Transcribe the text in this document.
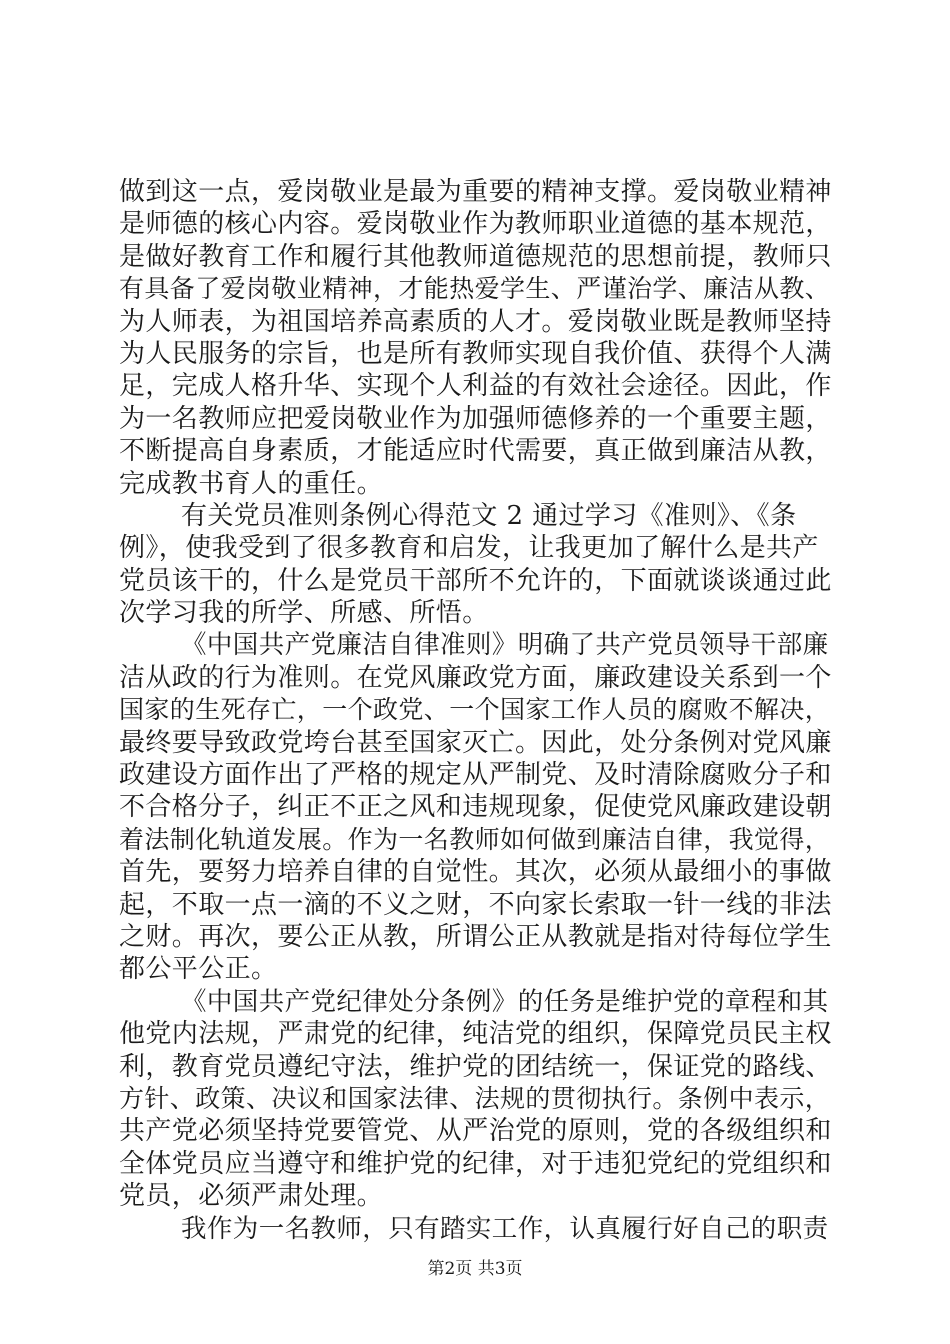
做到这一点，爱岗敬业是最为重要的精神支撑。爱岗敬业精神
是师德的核心内容。爱岗敬业作为教师职业道德的基本规范，
是做好教育工作和履行其他教师道德规范的思想前提，教师只
有具备了爱岗敬业精神，才能热爱学生、严谨治学、廉洁从教、
为人师表，为祖国培养高素质的人才。爱岗敬业既是教师坚持
为人民服务的宗旨，也是所有教师实现自我价值、获得个人满
足，完成人格升华、实现个人利益的有效社会途径。因此，作
为一名教师应把爱岗敬业作为加强师德修养的一个重要主题，
不断提高自身素质，才能适应时代需要，真正做到廉洁从教，
完成教书育人的重任。
有关党员准则条例心得范文 2 通过学习《准则》、《条
例》，使我受到了很多教育和启发，让我更加了解什么是共产
党员该干的，什么是党员干部所不允许的，下面就谈谈通过此
次学习我的所学、所感、所悟。
《中国共产党廉洁自律准则》明确了共产党员领导干部廉
洁从政的行为准则。在党风廉政党方面，廉政建设关系到一个
国家的生死存亡，一个政党、一个国家工作人员的腐败不解决，
最终要导致政党垮台甚至国家灭亡。因此，处分条例对党风廉
政建设方面作出了严格的规定从严制党、及时清除腐败分子和
不合格分子，纠正不正之风和违规现象，促使党风廉政建设朝
着法制化轨道发展。作为一名教师如何做到廉洁自律，我觉得，
首先，要努力培养自律的自觉性。其次，必须从最细小的事做
起，不取一点一滴的不义之财，不向家长索取一针一线的非法
之财。再次，要公正从教，所谓公正从教就是指对待每位学生
都公平公正。
《中国共产党纪律处分条例》的任务是维护党的章程和其
他党内法规，严肃党的纪律，纯洁党的组织，保障党员民主权
利，教育党员遵纪守法，维护党的团结统一，保证党的路线、
方针、政策、决议和国家法律、法规的贯彻执行。条例中表示，
共产党必须坚持党要管党、从严治党的原则，党的各级组织和
全体党员应当遵守和维护党的纪律，对于违犯党纪的党组织和
党员，必须严肃处理。
我作为一名教师，只有踏实工作，认真履行好自己的职责
第2页 共3页
